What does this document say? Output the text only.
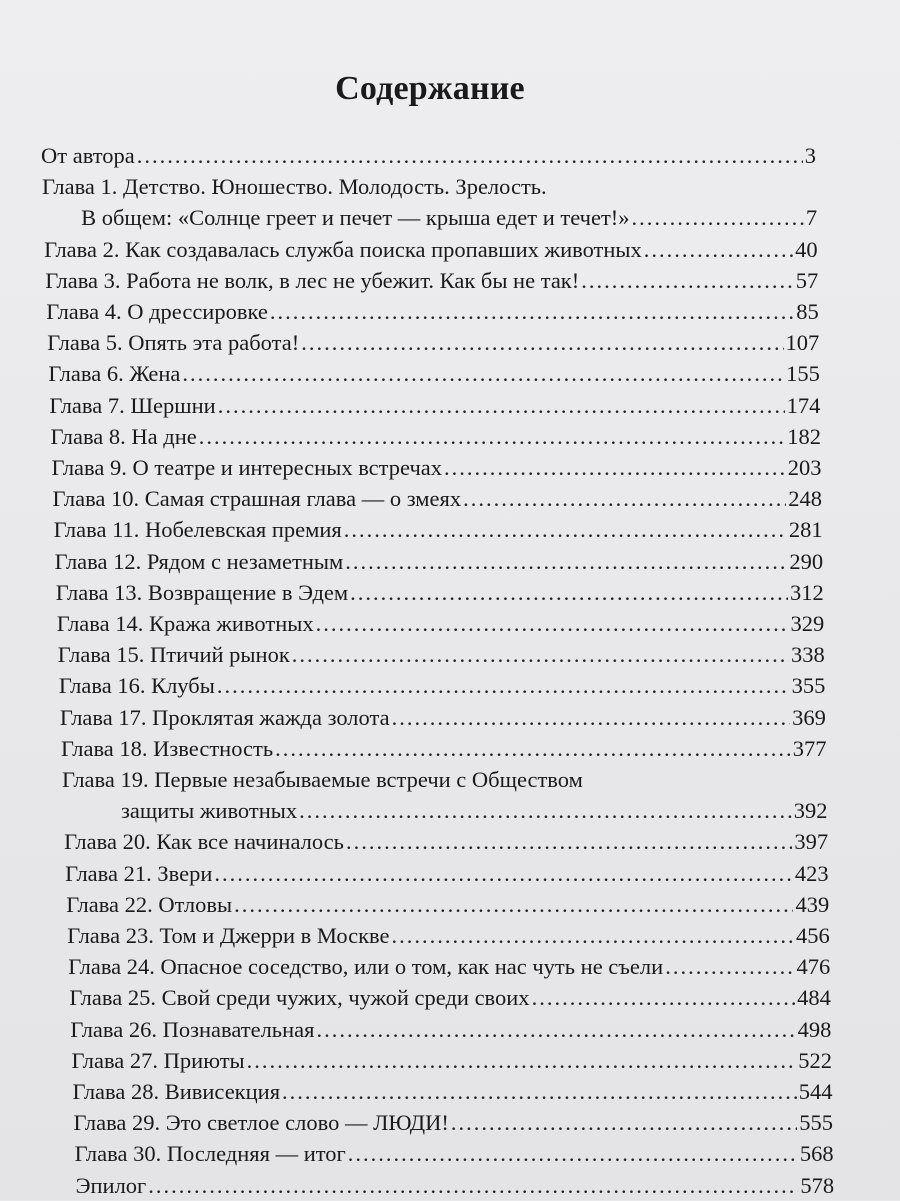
Содержание
От автора .....	3
Глава 1. Детство. Юношество. Молодость. Зрелость.
В общем: «Солнце греет и печет — крыша едет и течет!» .....	7
Глава 2. Как создавалась служба поиска пропавших животных .....	40
Глава 3. Работа не волк, в лес не убежит. Как бы не так! .....	57
Глава 4. О дрессировке .....	85
Глава 5. Опять эта работа! .....	107
Глава 6. Жена .....	155
Глава 7. Шершни .....	174
Глава 8. На дне .....	182
Глава 9. О театре и интересных встречах .....	203
Глава 10. Самая страшная глава — о змеях .....	248
Глава 11. Нобелевская премия .....	281
Глава 12. Рядом с незаметным .....	290
Глава 13. Возвращение в Эдем .....	312
Глава 14. Кража животных .....	329
Глава 15. Птичий рынок .....	338
Глава 16. Клубы .....	355
Глава 17. Проклятая жажда золота .....	369
Глава 18. Известность .....	377
Глава 19. Первые незабываемые встречи с Обществом
защиты животных .....	392
Глава 20. Как все начиналось .....	397
Глава 21. Звери .....	423
Глава 22. Отловы .....	439
Глава 23. Том и Джерри в Москве .....	456
Глава 24. Опасное соседство, или о том, как нас чуть не съели .....	476
Глава 25. Свой среди чужих, чужой среди своих .....	484
Глава 26. Познавательная .....	498
Глава 27. Приюты .....	522
Глава 28. Вивисекция .....	544
Глава 29. Это светлое слово — ЛЮДИ! .....	555
Глава 30. Последняя — итог .....	568
Эпилог .....	578
